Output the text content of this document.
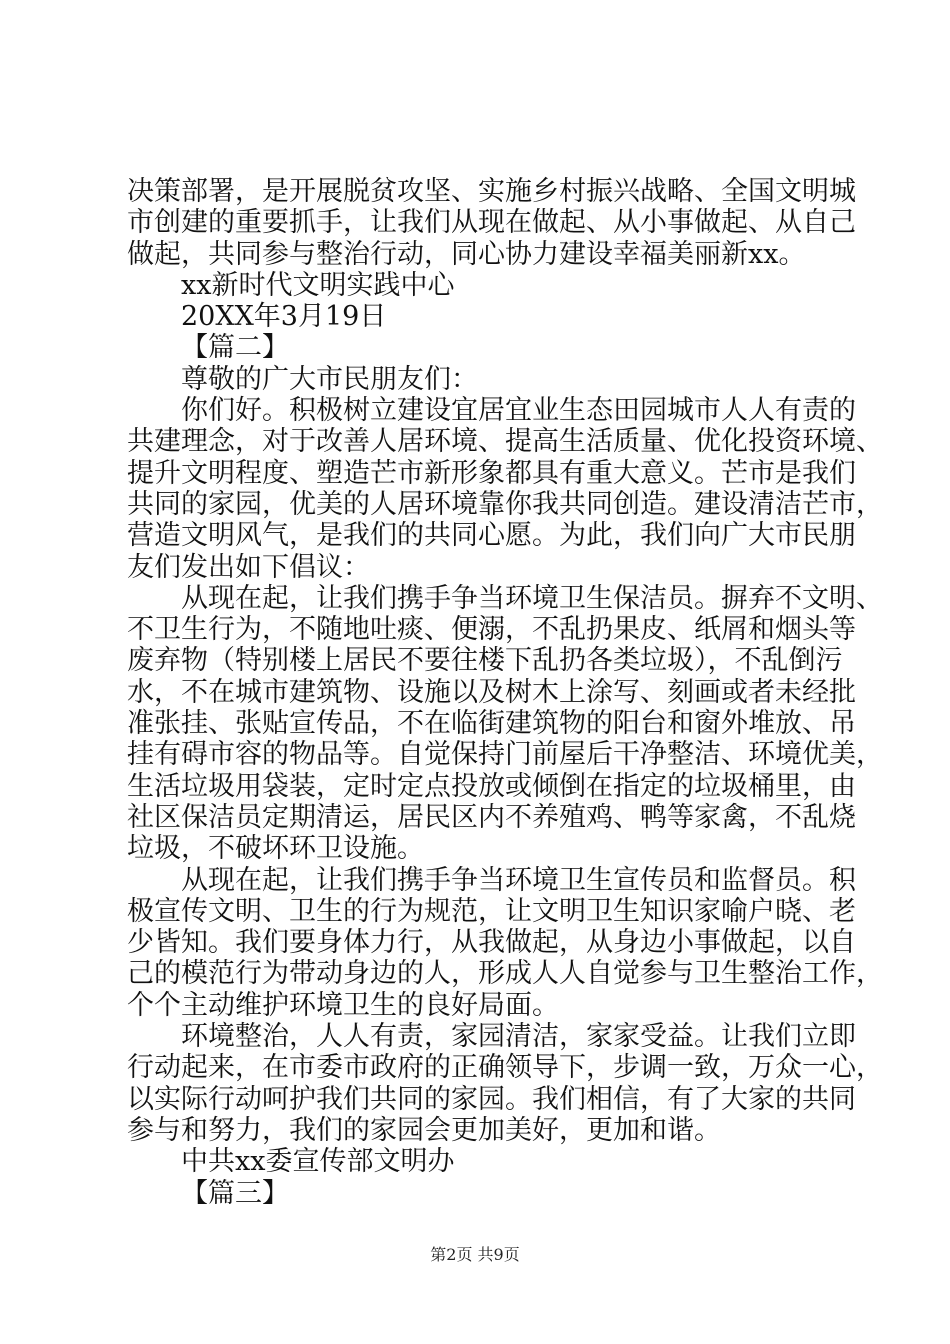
决策部署，是开展脱贫攻坚、实施乡村振兴战略、全国文明城

市创建的重要抓手，让我们从现在做起、从小事做起、从自己

做起，共同参与整治行动，同心协力建设幸福美丽新xx。

xx新时代文明实践中心

20XX年3月19日

【篇二】

尊敬的广大市民朋友们：

你们好。积极树立建设宜居宜业生态田园城市人人有责的

共建理念，对于改善人居环境、提高生活质量、优化投资环境、

提升文明程度、塑造芒市新形象都具有重大意义。芒市是我们

共同的家园，优美的人居环境靠你我共同创造。建设清洁芒市，

营造文明风气，是我们的共同心愿。为此，我们向广大市民朋

友们发出如下倡议：

从现在起，让我们携手争当环境卫生保洁员。摒弃不文明、

不卫生行为，不随地吐痰、便溺，不乱扔果皮、纸屑和烟头等

废弃物（特别楼上居民不要往楼下乱扔各类垃圾），不乱倒污

水，不在城市建筑物、设施以及树木上涂写、刻画或者未经批

准张挂、张贴宣传品，不在临街建筑物的阳台和窗外堆放、吊

挂有碍市容的物品等。自觉保持门前屋后干净整洁、环境优美，

生活垃圾用袋装，定时定点投放或倾倒在指定的垃圾桶里，由

社区保洁员定期清运，居民区内不养殖鸡、鸭等家禽，不乱烧

垃圾，不破坏环卫设施。

从现在起，让我们携手争当环境卫生宣传员和监督员。积

极宣传文明、卫生的行为规范，让文明卫生知识家喻户晓、老

少皆知。我们要身体力行，从我做起，从身边小事做起，以自

己的模范行为带动身边的人，形成人人自觉参与卫生整治工作，

个个主动维护环境卫生的良好局面。

环境整治，人人有责，家园清洁，家家受益。让我们立即

行动起来，在市委市政府的正确领导下，步调一致，万众一心，

以实际行动呵护我们共同的家园。我们相信，有了大家的共同

参与和努力，我们的家园会更加美好，更加和谐。

中共xx委宣传部文明办

【篇三】

第2页 共9页
